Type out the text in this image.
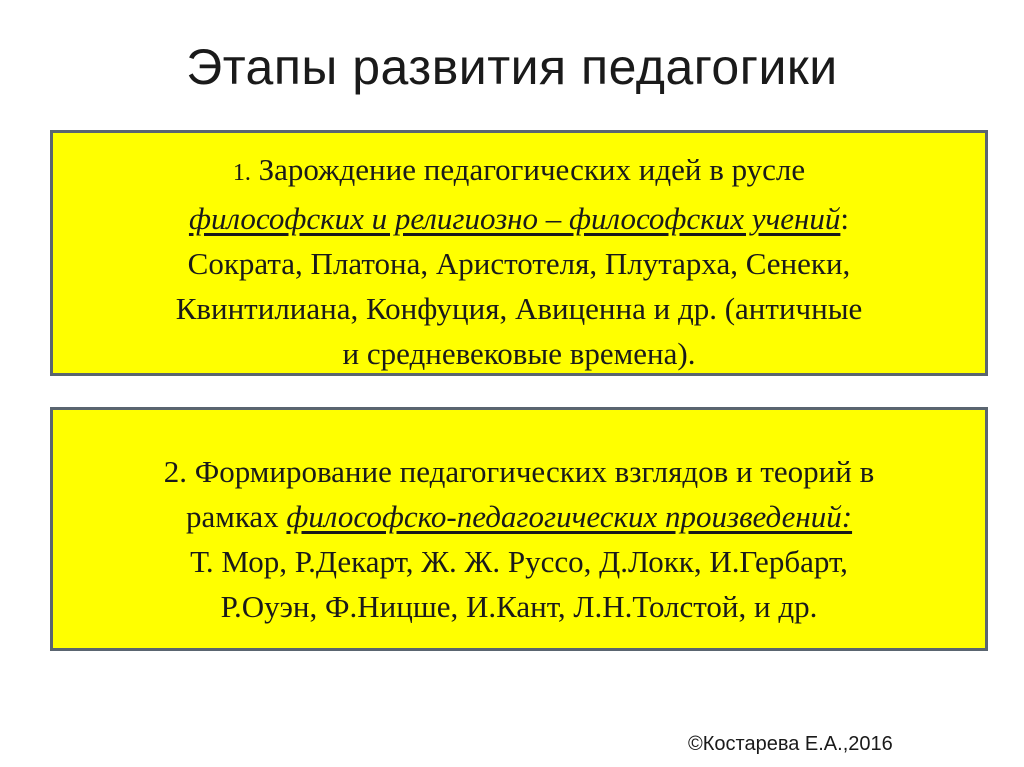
Этапы развития педагогики
1. Зарождение педагогических идей в русле
философских и религиозно – философских учений:
Сократа, Платона, Аристотеля, Плутарха, Сенеки,
Квинтилиана, Конфуция, Авиценна и др. (античные
и средневековые времена).
2. Формирование педагогических взглядов и теорий в
рамках философско-педагогических произведений:
Т. Мор, Р.Декарт, Ж. Ж. Руссо, Д.Локк, И.Гербарт,
Р.Оуэн, Ф.Ницше, И.Кант, Л.Н.Толстой, и др.
©Костарева Е.А.,2016
